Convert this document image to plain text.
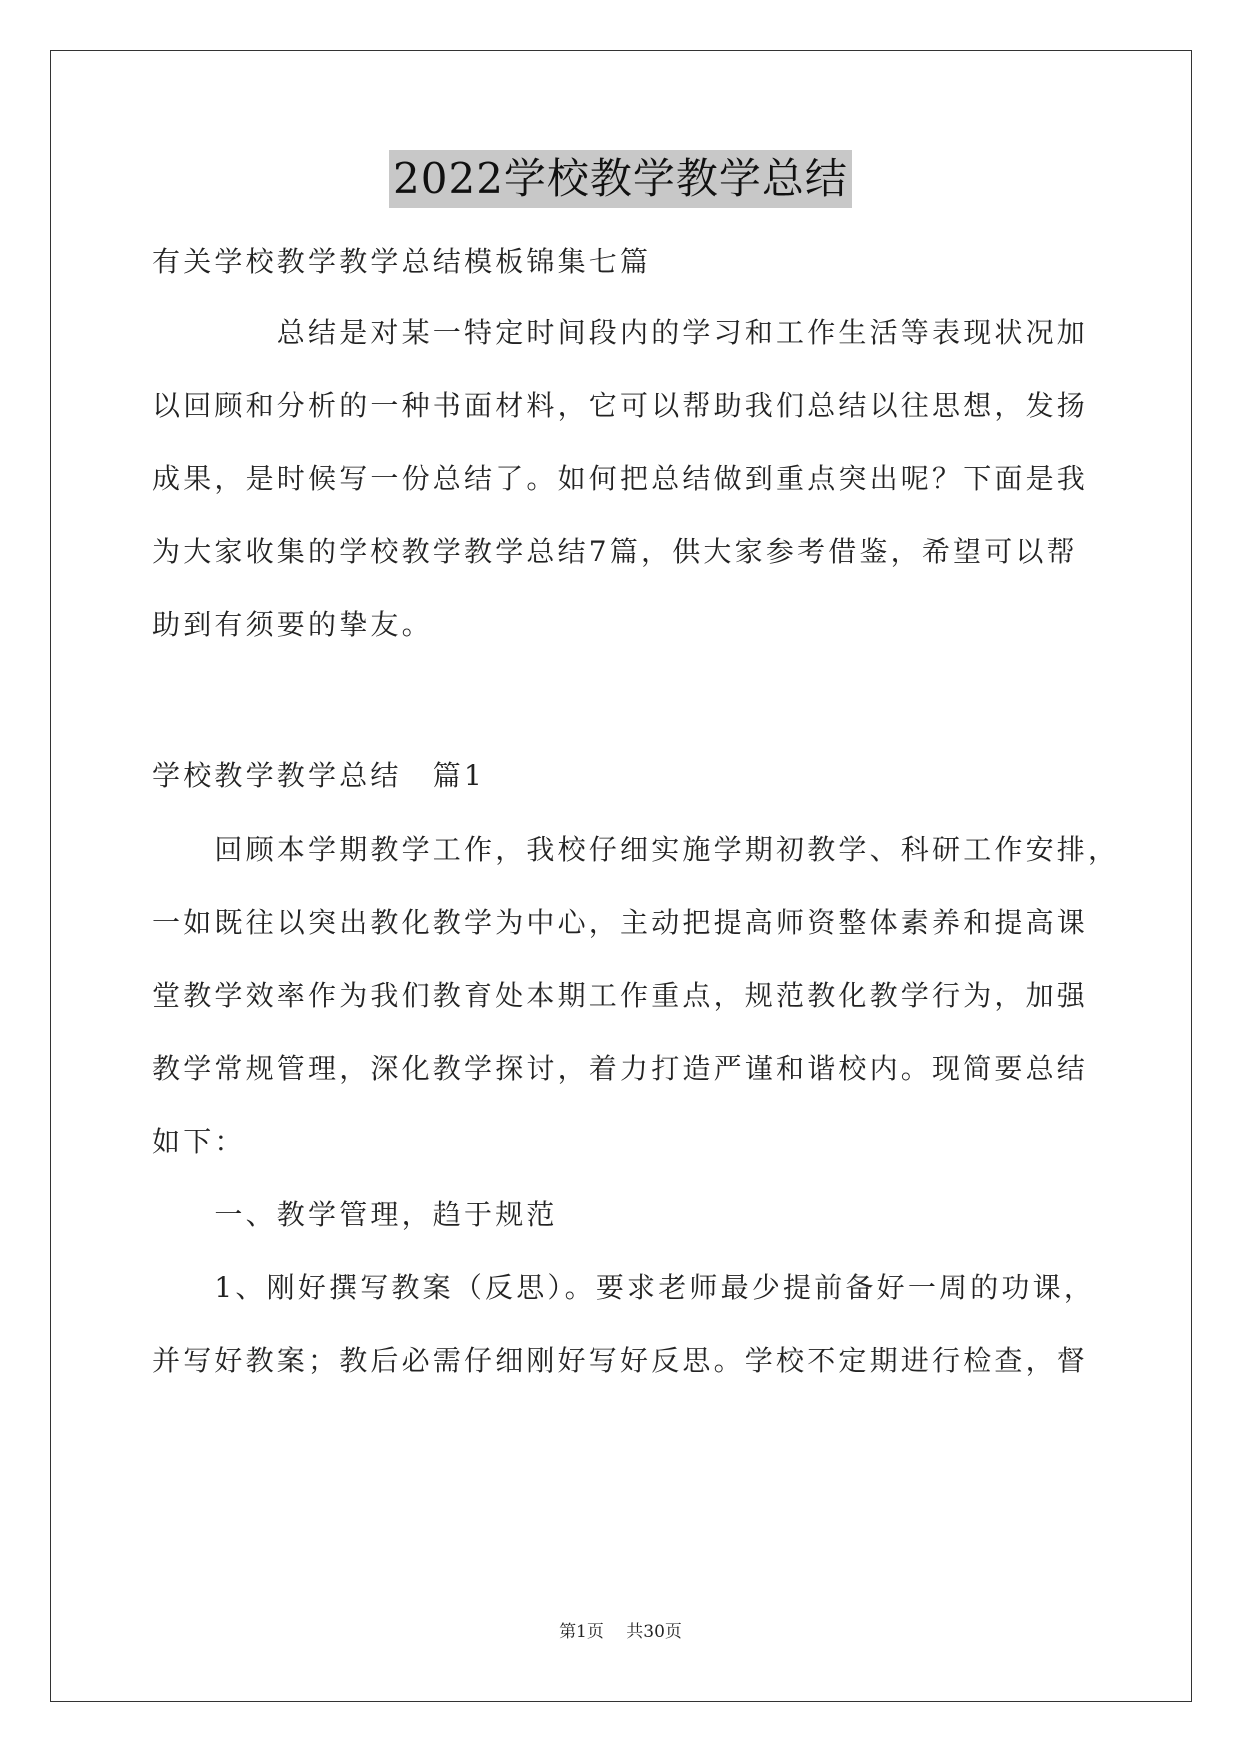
2022学校教学教学总结
有关学校教学教学总结模板锦集七篇
　　　　总结是对某一特定时间段内的学习和工作生活等表现状况加
以回顾和分析的一种书面材料，它可以帮助我们总结以往思想，发扬
成果，是时候写一份总结了。如何把总结做到重点突出呢？下面是我
为大家收集的学校教学教学总结7篇，供大家参考借鉴，希望可以帮
助到有须要的挚友。
学校教学教学总结　篇1
　　回顾本学期教学工作，我校仔细实施学期初教学、科研工作安排，
一如既往以突出教化教学为中心，主动把提高师资整体素养和提高课
堂教学效率作为我们教育处本期工作重点，规范教化教学行为，加强
教学常规管理，深化教学探讨，着力打造严谨和谐校内。现简要总结
如下：
　　一、教学管理，趋于规范
　　1、刚好撰写教案（反思）。要求老师最少提前备好一周的功课，
并写好教案；教后必需仔细刚好写好反思。学校不定期进行检查，督
第1页　 共30页
